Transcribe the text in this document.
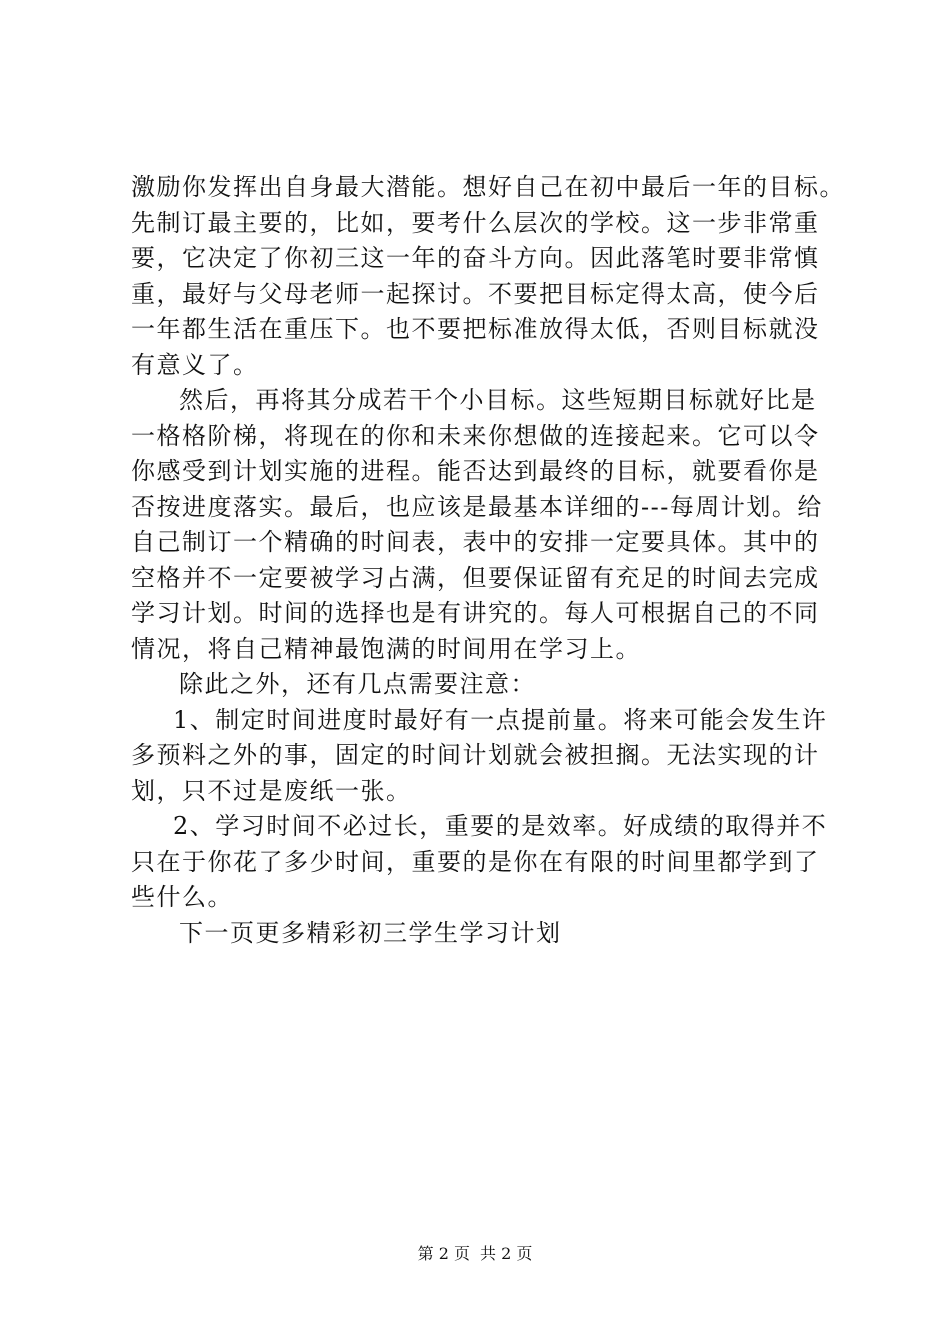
激励你发挥出自身最大潜能。想好自己在初中最后一年的目标。
先制订最主要的，比如，要考什么层次的学校。这一步非常重
要，它决定了你初三这一年的奋斗方向。因此落笔时要非常慎
重，最好与父母老师一起探讨。不要把目标定得太高，使今后
一年都生活在重压下。也不要把标准放得太低，否则目标就没
有意义了。
然后，再将其分成若干个小目标。这些短期目标就好比是
一格格阶梯，将现在的你和未来你想做的连接起来。它可以令
你感受到计划实施的进程。能否达到最终的目标，就要看你是
否按进度落实。最后，也应该是最基本详细的---每周计划。给
自己制订一个精确的时间表，表中的安排一定要具体。其中的
空格并不一定要被学习占满，但要保证留有充足的时间去完成
学习计划。时间的选择也是有讲究的。每人可根据自己的不同
情况，将自己精神最饱满的时间用在学习上。
除此之外，还有几点需要注意：
1、制定时间进度时最好有一点提前量。将来可能会发生许
多预料之外的事，固定的时间计划就会被担搁。无法实现的计
划，只不过是废纸一张。
2、学习时间不必过长，重要的是效率。好成绩的取得并不
只在于你花了多少时间，重要的是你在有限的时间里都学到了
些什么。
下一页更多精彩初三学生学习计划
第 2 页 共 2 页
